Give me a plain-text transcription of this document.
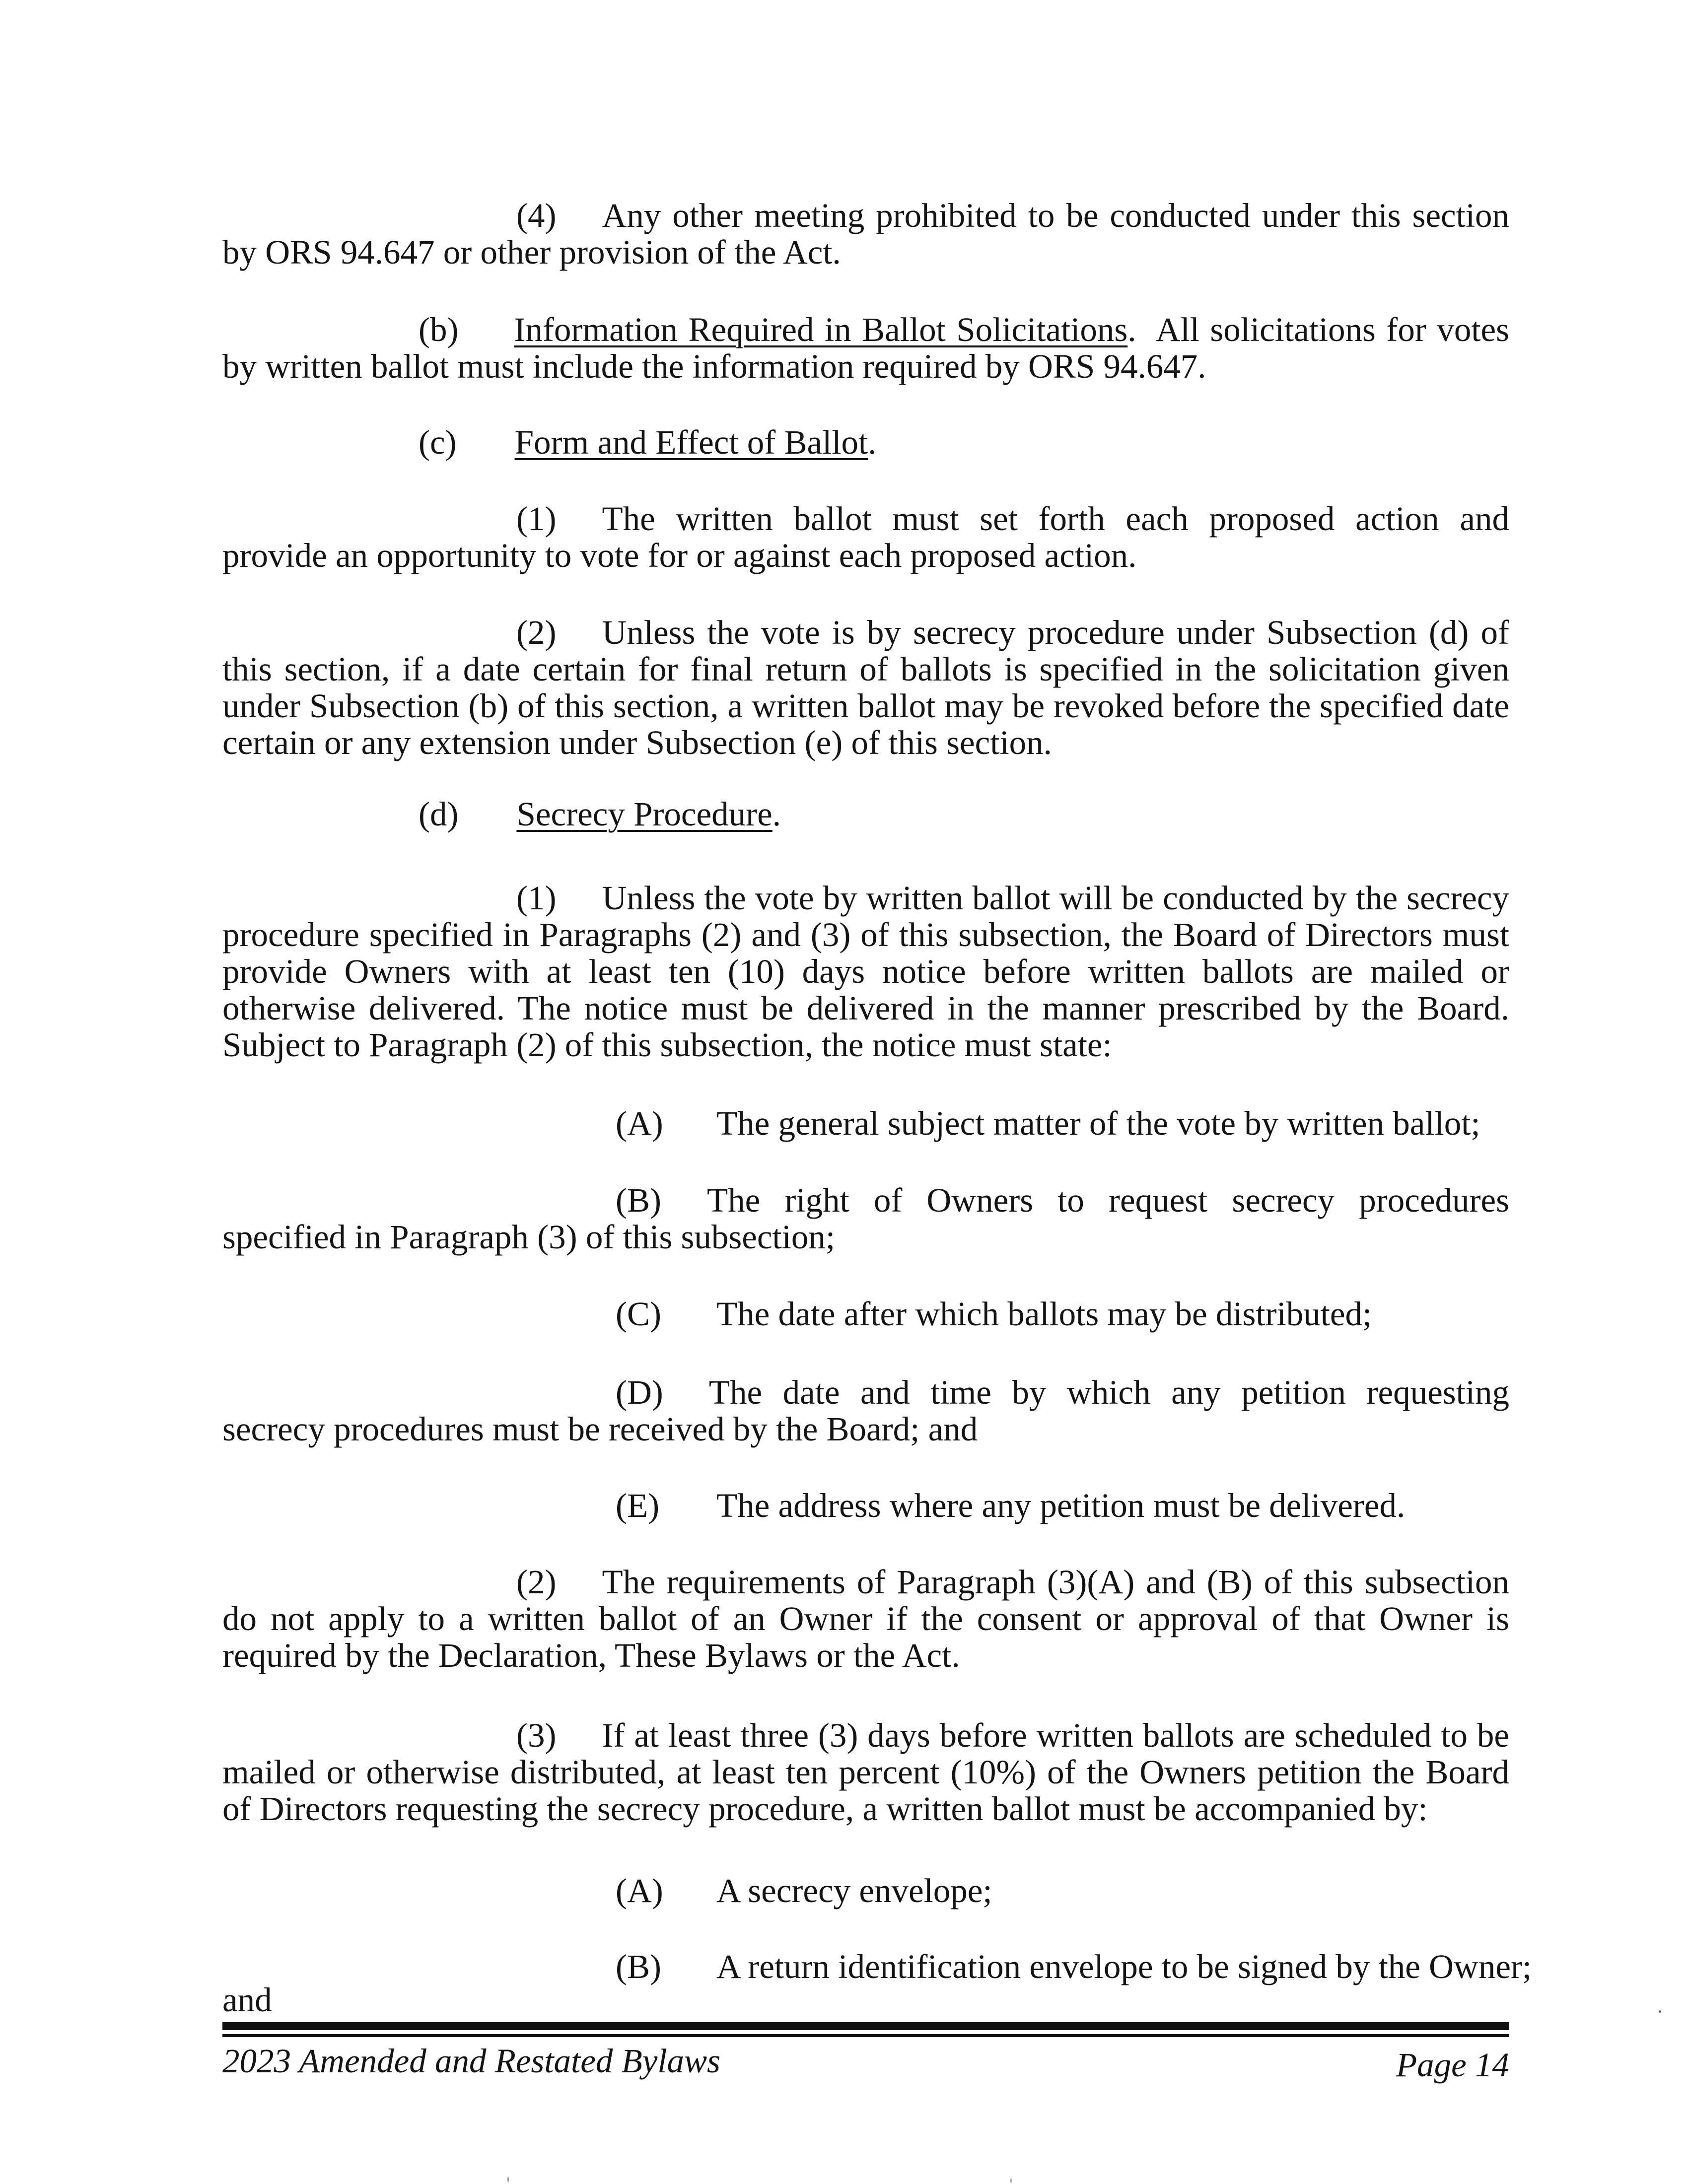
(4) Any other meeting prohibited to be conducted under this section by ORS 94.647 or other provision of the Act.

(b) Information Required in Ballot Solicitations.  All solicitations for votes by written ballot must include the information required by ORS 94.647.

(c) Form and Effect of Ballot.

(1) The written ballot must set forth each proposed action and provide an opportunity to vote for or against each proposed action.

(2) Unless the vote is by secrecy procedure under Subsection (d) of this section, if a date certain for final return of ballots is specified in the solicitation given under Subsection (b) of this section, a written ballot may be revoked before the specified date certain or any extension under Subsection (e) of this section.

(d) Secrecy Procedure.

(1) Unless the vote by written ballot will be conducted by the secrecy procedure specified in Paragraphs (2) and (3) of this subsection, the Board of Directors must provide Owners with at least ten (10) days notice before written ballots are mailed or otherwise delivered. The notice must be delivered in the manner prescribed by the Board. Subject to Paragraph (2) of this subsection, the notice must state:

(A) The general subject matter of the vote by written ballot;

(B) The right of Owners to request secrecy procedures specified in Paragraph (3) of this subsection;

(C) The date after which ballots may be distributed;

(D) The date and time by which any petition requesting secrecy procedures must be received by the Board; and

(E) The address where any petition must be delivered.

(2) The requirements of Paragraph (3)(A) and (B) of this subsection do not apply to a written ballot of an Owner if the consent or approval of that Owner is required by the Declaration, These Bylaws or the Act.

(3) If at least three (3) days before written ballots are scheduled to be mailed or otherwise distributed, at least ten percent (10%) of the Owners petition the Board of Directors requesting the secrecy procedure, a written ballot must be accompanied by:

(A) A secrecy envelope;
(B) A return identification envelope to be signed by the Owner;
and
2023 Amended and Restated Bylaws	Page 14
